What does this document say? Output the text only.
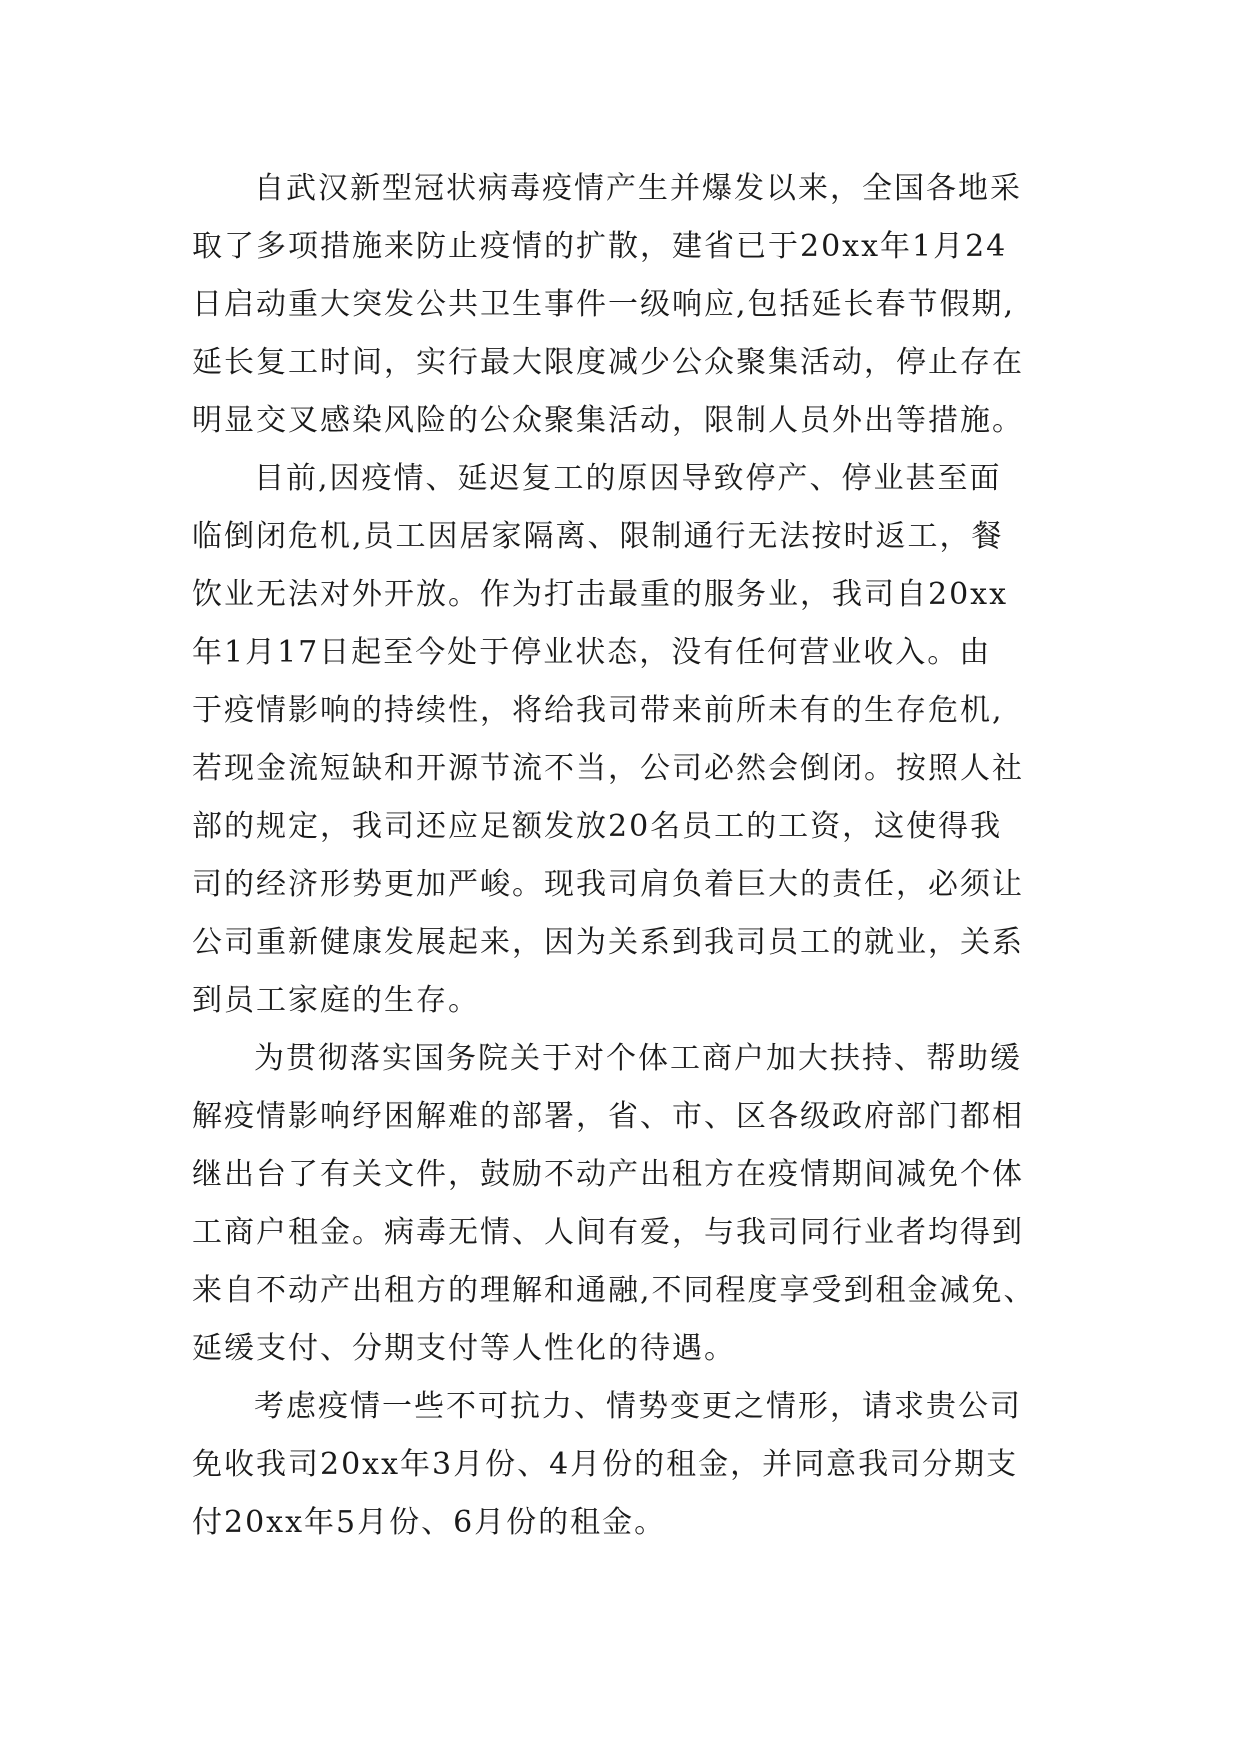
自武汉新型冠状病毒疫情产生并爆发以来，全国各地采
取了多项措施来防止疫情的扩散，建省已于20xx年1月24
日启动重大突发公共卫生事件一级响应,包括延长春节假期,
延长复工时间，实行最大限度减少公众聚集活动，停止存在
明显交叉感染风险的公众聚集活动，限制人员外出等措施。
目前,因疫情、延迟复工的原因导致停产、停业甚至面
临倒闭危机,员工因居家隔离、限制通行无法按时返工，餐
饮业无法对外开放。作为打击最重的服务业，我司自20xx
年1月17日起至今处于停业状态，没有任何营业收入。由
于疫情影响的持续性，将给我司带来前所未有的生存危机,
若现金流短缺和开源节流不当，公司必然会倒闭。按照人社
部的规定，我司还应足额发放20名员工的工资，这使得我
司的经济形势更加严峻。现我司肩负着巨大的责任，必须让
公司重新健康发展起来，因为关系到我司员工的就业，关系
到员工家庭的生存。
为贯彻落实国务院关于对个体工商户加大扶持、帮助缓
解疫情影响纾困解难的部署，省、市、区各级政府部门都相
继出台了有关文件，鼓励不动产出租方在疫情期间减免个体
工商户租金。病毒无情、人间有爱，与我司同行业者均得到
来自不动产出租方的理解和通融,不同程度享受到租金减免、
延缓支付、分期支付等人性化的待遇。
考虑疫情一些不可抗力、情势变更之情形，请求贵公司
免收我司20xx年3月份、4月份的租金，并同意我司分期支
付20xx年5月份、6月份的租金。
